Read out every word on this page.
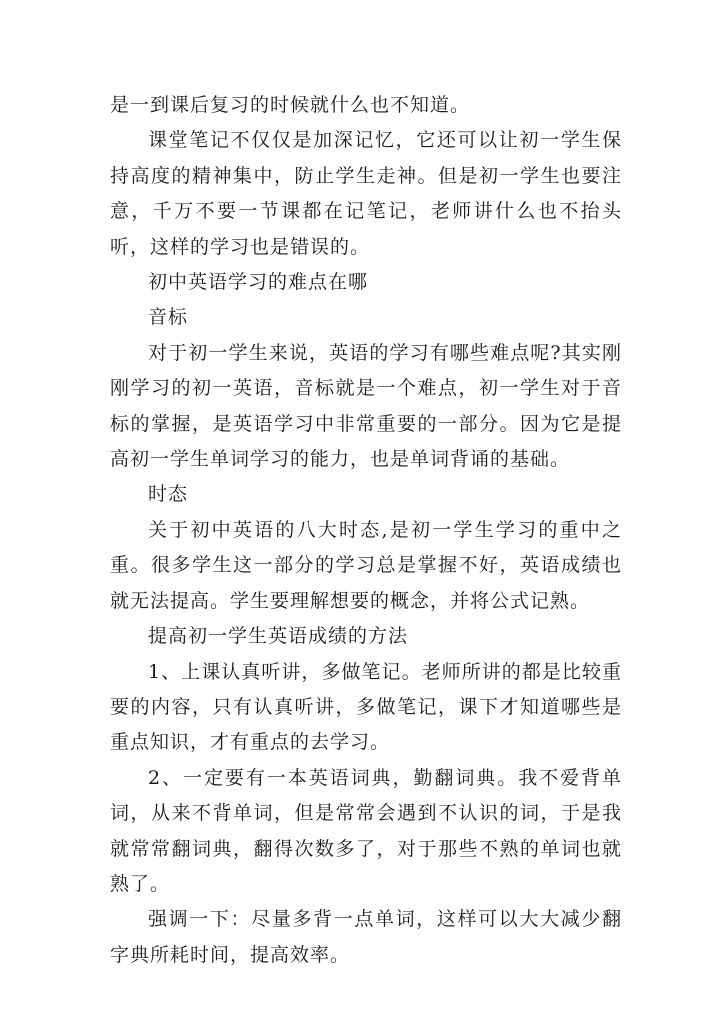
是一到课后复习的时候就什么也不知道。

课堂笔记不仅仅是加深记忆，它还可以让初一学生保持高度的精神集中，防止学生走神。但是初一学生也要注意，千万不要一节课都在记笔记，老师讲什么也不抬头听，这样的学习也是错误的。

初中英语学习的难点在哪

音标

对于初一学生来说，英语的学习有哪些难点呢?其实刚刚学习的初一英语，音标就是一个难点，初一学生对于音标的掌握，是英语学习中非常重要的一部分。因为它是提高初一学生单词学习的能力，也是单词背诵的基础。

时态

关于初中英语的八大时态,是初一学生学习的重中之重。很多学生这一部分的学习总是掌握不好，英语成绩也就无法提高。学生要理解想要的概念，并将公式记熟。

提高初一学生英语成绩的方法

1、上课认真听讲，多做笔记。老师所讲的都是比较重要的内容，只有认真听讲，多做笔记，课下才知道哪些是重点知识，才有重点的去学习。

2、一定要有一本英语词典，勤翻词典。我不爱背单词，从来不背单词，但是常常会遇到不认识的词，于是我就常常翻词典，翻得次数多了，对于那些不熟的单词也就熟了。

强调一下：尽量多背一点单词，这样可以大大减少翻字典所耗时间，提高效率。
